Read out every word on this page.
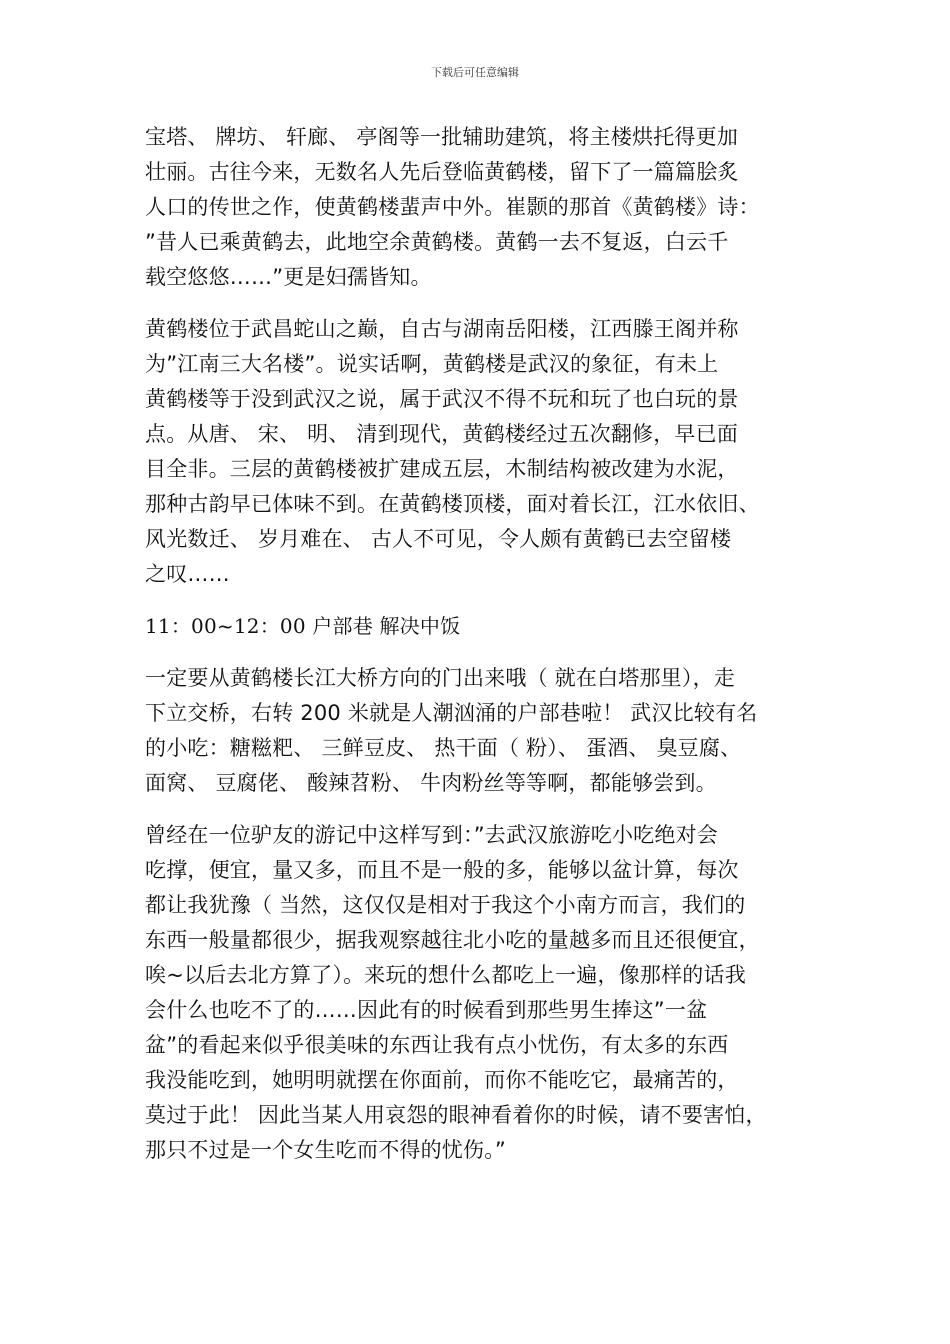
下载后可任意编辑
宝塔、 牌坊、 轩廊、 亭阁等一批辅助建筑，将主楼烘托得更加
壮丽。古往今来，无数名人先后登临黄鹤楼，留下了一篇篇脍炙
人口的传世之作，使黄鹤楼蜚声中外。崔颢的那首《黄鹤楼》诗：
”昔人已乘黄鹤去，此地空余黄鹤楼。黄鹤一去不复返，白云千
载空悠悠……”更是妇孺皆知。
黄鹤楼位于武昌蛇山之巅，自古与湖南岳阳楼，江西滕王阁并称
为”江南三大名楼”。说实话啊，黄鹤楼是武汉的象征，有未上
黄鹤楼等于没到武汉之说，属于武汉不得不玩和玩了也白玩的景
点。从唐、 宋、 明、 清到现代，黄鹤楼经过五次翻修，早已面
目全非。三层的黄鹤楼被扩建成五层，木制结构被改建为水泥，
那种古韵早已体味不到。在黄鹤楼顶楼，面对着长江，江水依旧、
风光数迁、 岁月难在、 古人不可见，令人颇有黄鹤已去空留楼
之叹……
11：00~12：00 户部巷 解决中饭
一定要从黄鹤楼长江大桥方向的门出来哦（ 就在白塔那里），走
下立交桥，右转 200 米就是人潮汹涌的户部巷啦！ 武汉比较有名
的小吃：糖糍粑、 三鲜豆皮、 热干面（ 粉）、 蛋酒、 臭豆腐、
面窝、 豆腐佬、 酸辣苕粉、 牛肉粉丝等等啊，都能够尝到。
曾经在一位驴友的游记中这样写到：”去武汉旅游吃小吃绝对会
吃撑，便宜，量又多，而且不是一般的多，能够以盆计算，每次
都让我犹豫（ 当然，这仅仅是相对于我这个小南方而言，我们的
东西一般量都很少，据我观察越往北小吃的量越多而且还很便宜，
唉~以后去北方算了）。来玩的想什么都吃上一遍，像那样的话我
会什么也吃不了的……因此有的时候看到那些男生捧这”一盆
盆”的看起来似乎很美味的东西让我有点小忧伤，有太多的东西
我没能吃到，她明明就摆在你面前，而你不能吃它，最痛苦的，
莫过于此！ 因此当某人用哀怨的眼神看着你的时候，请不要害怕，
那只不过是一个女生吃而不得的忧伤。”
